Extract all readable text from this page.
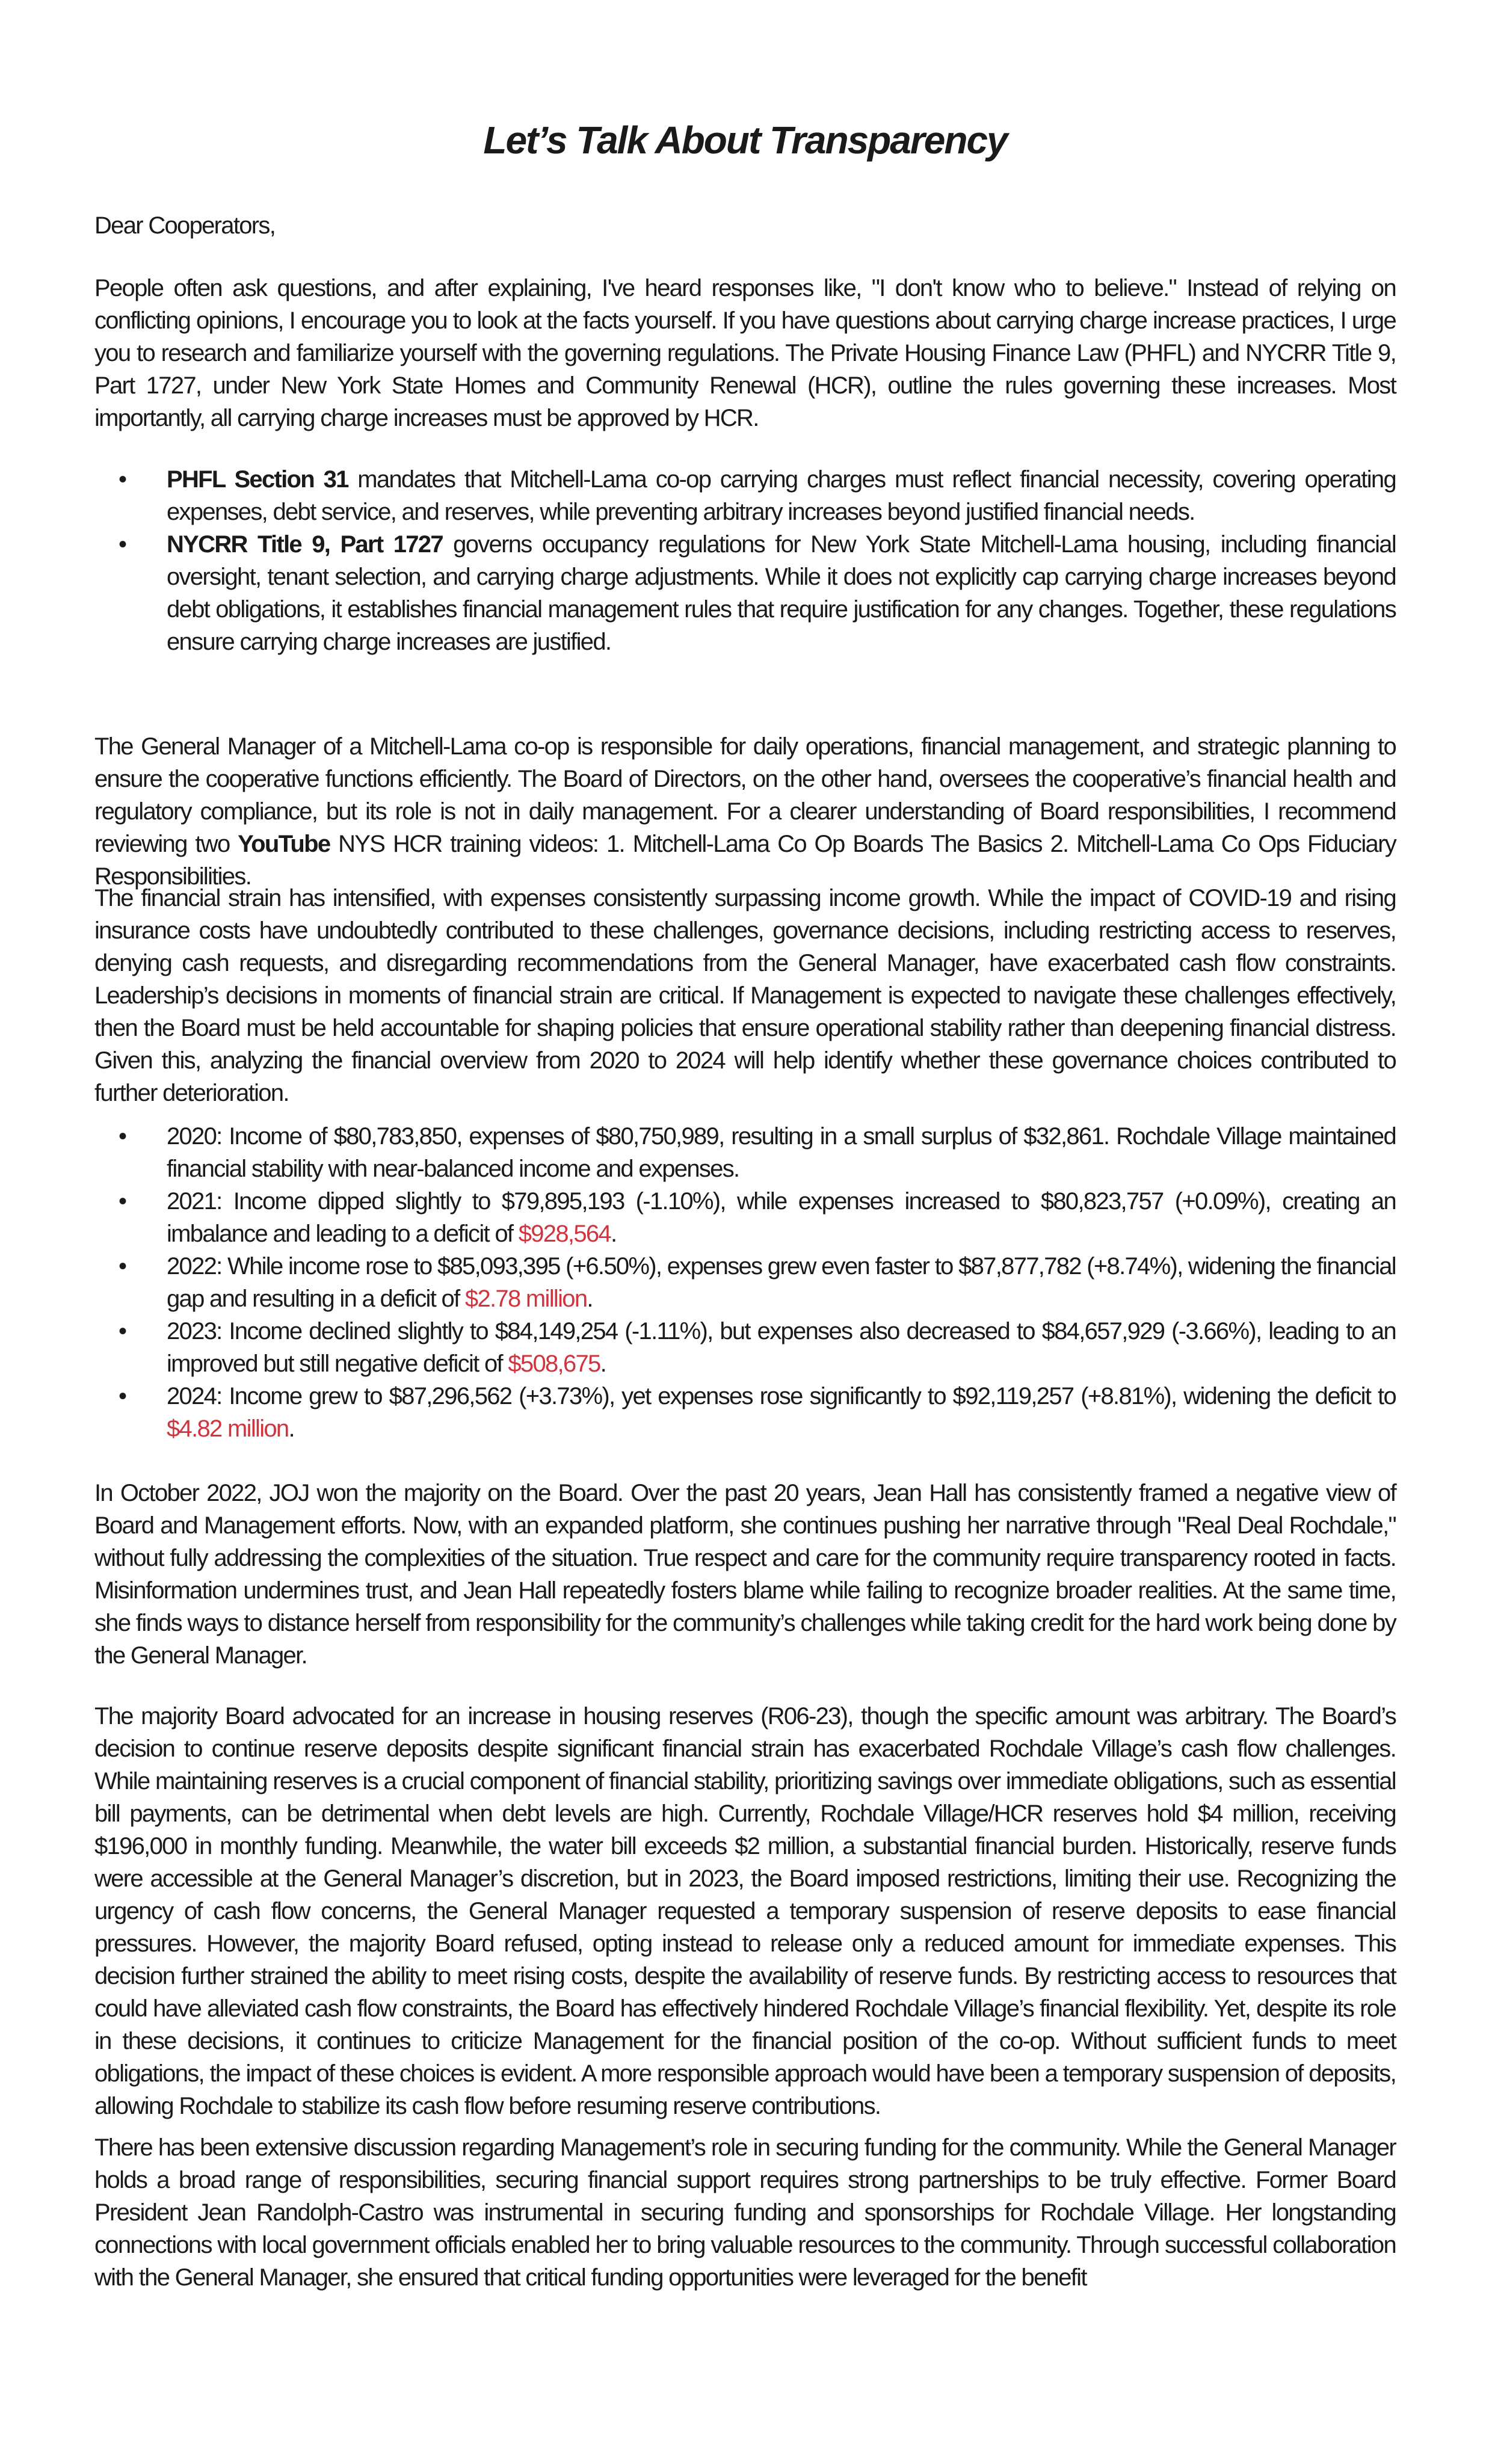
Let’s Talk About Transparency

Dear Cooperators,

People often ask questions, and after explaining, I've heard responses like, "I don't know who to believe." Instead of relying on conflicting opinions, I encourage you to look at the facts yourself. If you have questions about carrying charge increase practices, I urge you to research and familiarize yourself with the governing regulations. The Private Housing Finance Law (PHFL) and NYCRR Title 9, Part 1727, under New York State Homes and Community Renewal (HCR), outline the rules governing these increases. Most importantly, all carrying charge increases must be approved by HCR.

• PHFL Section 31 mandates that Mitchell-Lama co-op carrying charges must reflect financial necessity, covering operating expenses, debt service, and reserves, while preventing arbitrary increases beyond justified financial needs.
• NYCRR Title 9, Part 1727 governs occupancy regulations for New York State Mitchell-Lama housing, including financial oversight, tenant selection, and carrying charge adjustments. While it does not explicitly cap carrying charge increases beyond debt obligations, it establishes financial management rules that require justification for any changes. Together, these regulations ensure carrying charge increases are justified.

The General Manager of a Mitchell-Lama co-op is responsible for daily operations, financial management, and strategic planning to ensure the cooperative functions efficiently. The Board of Directors, on the other hand, oversees the cooperative’s financial health and regulatory compliance, but its role is not in daily management. For a clearer understanding of Board responsibilities, I recommend reviewing two YouTube NYS HCR training videos: 1. Mitchell-Lama Co Op Boards The Basics 2. Mitchell-Lama Co Ops Fiduciary Responsibilities.

The financial strain has intensified, with expenses consistently surpassing income growth. While the impact of COVID-19 and rising insurance costs have undoubtedly contributed to these challenges, governance decisions, including restricting access to reserves, denying cash requests, and disregarding recommendations from the General Manager, have exacerbated cash flow constraints. Leadership’s decisions in moments of financial strain are critical. If Management is expected to navigate these challenges effectively, then the Board must be held accountable for shaping policies that ensure operational stability rather than deepening financial distress. Given this, analyzing the financial overview from 2020 to 2024 will help identify whether these governance choices contributed to further deterioration.

• 2020: Income of $80,783,850, expenses of $80,750,989, resulting in a small surplus of $32,861. Rochdale Village maintained financial stability with near-balanced income and expenses.
• 2021: Income dipped slightly to $79,895,193 (-1.10%), while expenses increased to $80,823,757 (+0.09%), creating an imbalance and leading to a deficit of $928,564.
• 2022: While income rose to $85,093,395 (+6.50%), expenses grew even faster to $87,877,782 (+8.74%), widening the financial gap and resulting in a deficit of $2.78 million.
• 2023: Income declined slightly to $84,149,254 (-1.11%), but expenses also decreased to $84,657,929 (-3.66%), leading to an improved but still negative deficit of $508,675.
• 2024: Income grew to $87,296,562 (+3.73%), yet expenses rose significantly to $92,119,257 (+8.81%), widening the deficit to $4.82 million.

In October 2022, JOJ won the majority on the Board. Over the past 20 years, Jean Hall has consistently framed a negative view of Board and Management efforts. Now, with an expanded platform, she continues pushing her narrative through "Real Deal Rochdale," without fully addressing the complexities of the situation. True respect and care for the community require transparency rooted in facts. Misinformation undermines trust, and Jean Hall repeatedly fosters blame while failing to recognize broader realities. At the same time, she finds ways to distance herself from responsibility for the community’s challenges while taking credit for the hard work being done by the General Manager.

The majority Board advocated for an increase in housing reserves (R06-23), though the specific amount was arbitrary. The Board’s decision to continue reserve deposits despite significant financial strain has exacerbated Rochdale Village’s cash flow challenges. While maintaining reserves is a crucial component of financial stability, prioritizing savings over immediate obligations, such as essential bill payments, can be detrimental when debt levels are high. Currently, Rochdale Village/HCR reserves hold $4 million, receiving $196,000 in monthly funding. Meanwhile, the water bill exceeds $2 million, a substantial financial burden. Historically, reserve funds were accessible at the General Manager’s discretion, but in 2023, the Board imposed restrictions, limiting their use. Recognizing the urgency of cash flow concerns, the General Manager requested a temporary suspension of reserve deposits to ease financial pressures. However, the majority Board refused, opting instead to release only a reduced amount for immediate expenses. This decision further strained the ability to meet rising costs, despite the availability of reserve funds. By restricting access to resources that could have alleviated cash flow constraints, the Board has effectively hindered Rochdale Village’s financial flexibility. Yet, despite its role in these decisions, it continues to criticize Management for the financial position of the co-op. Without sufficient funds to meet obligations, the impact of these choices is evident. A more responsible approach would have been a temporary suspension of deposits, allowing Rochdale to stabilize its cash flow before resuming reserve contributions.

There has been extensive discussion regarding Management’s role in securing funding for the community. While the General Manager holds a broad range of responsibilities, securing financial support requires strong partnerships to be truly effective. Former Board President Jean Randolph-Castro was instrumental in securing funding and sponsorships for Rochdale Village. Her longstanding connections with local government officials enabled her to bring valuable resources to the community. Through successful collaboration with the General Manager, she ensured that critical funding opportunities were leveraged for the benefit
